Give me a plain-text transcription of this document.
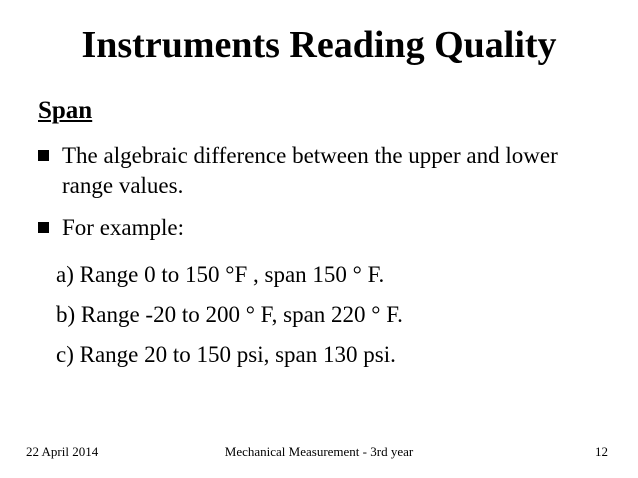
Instruments Reading Quality
Span
The algebraic difference between the upper and lower range values.
For example:
a) Range 0 to 150 °F , span 150 ° F.
b) Range -20 to 200 ° F, span 220 ° F.
c) Range 20 to 150 psi, span 130 psi.
Mechanical Measurement - 3rd year
22 April 2014	12
